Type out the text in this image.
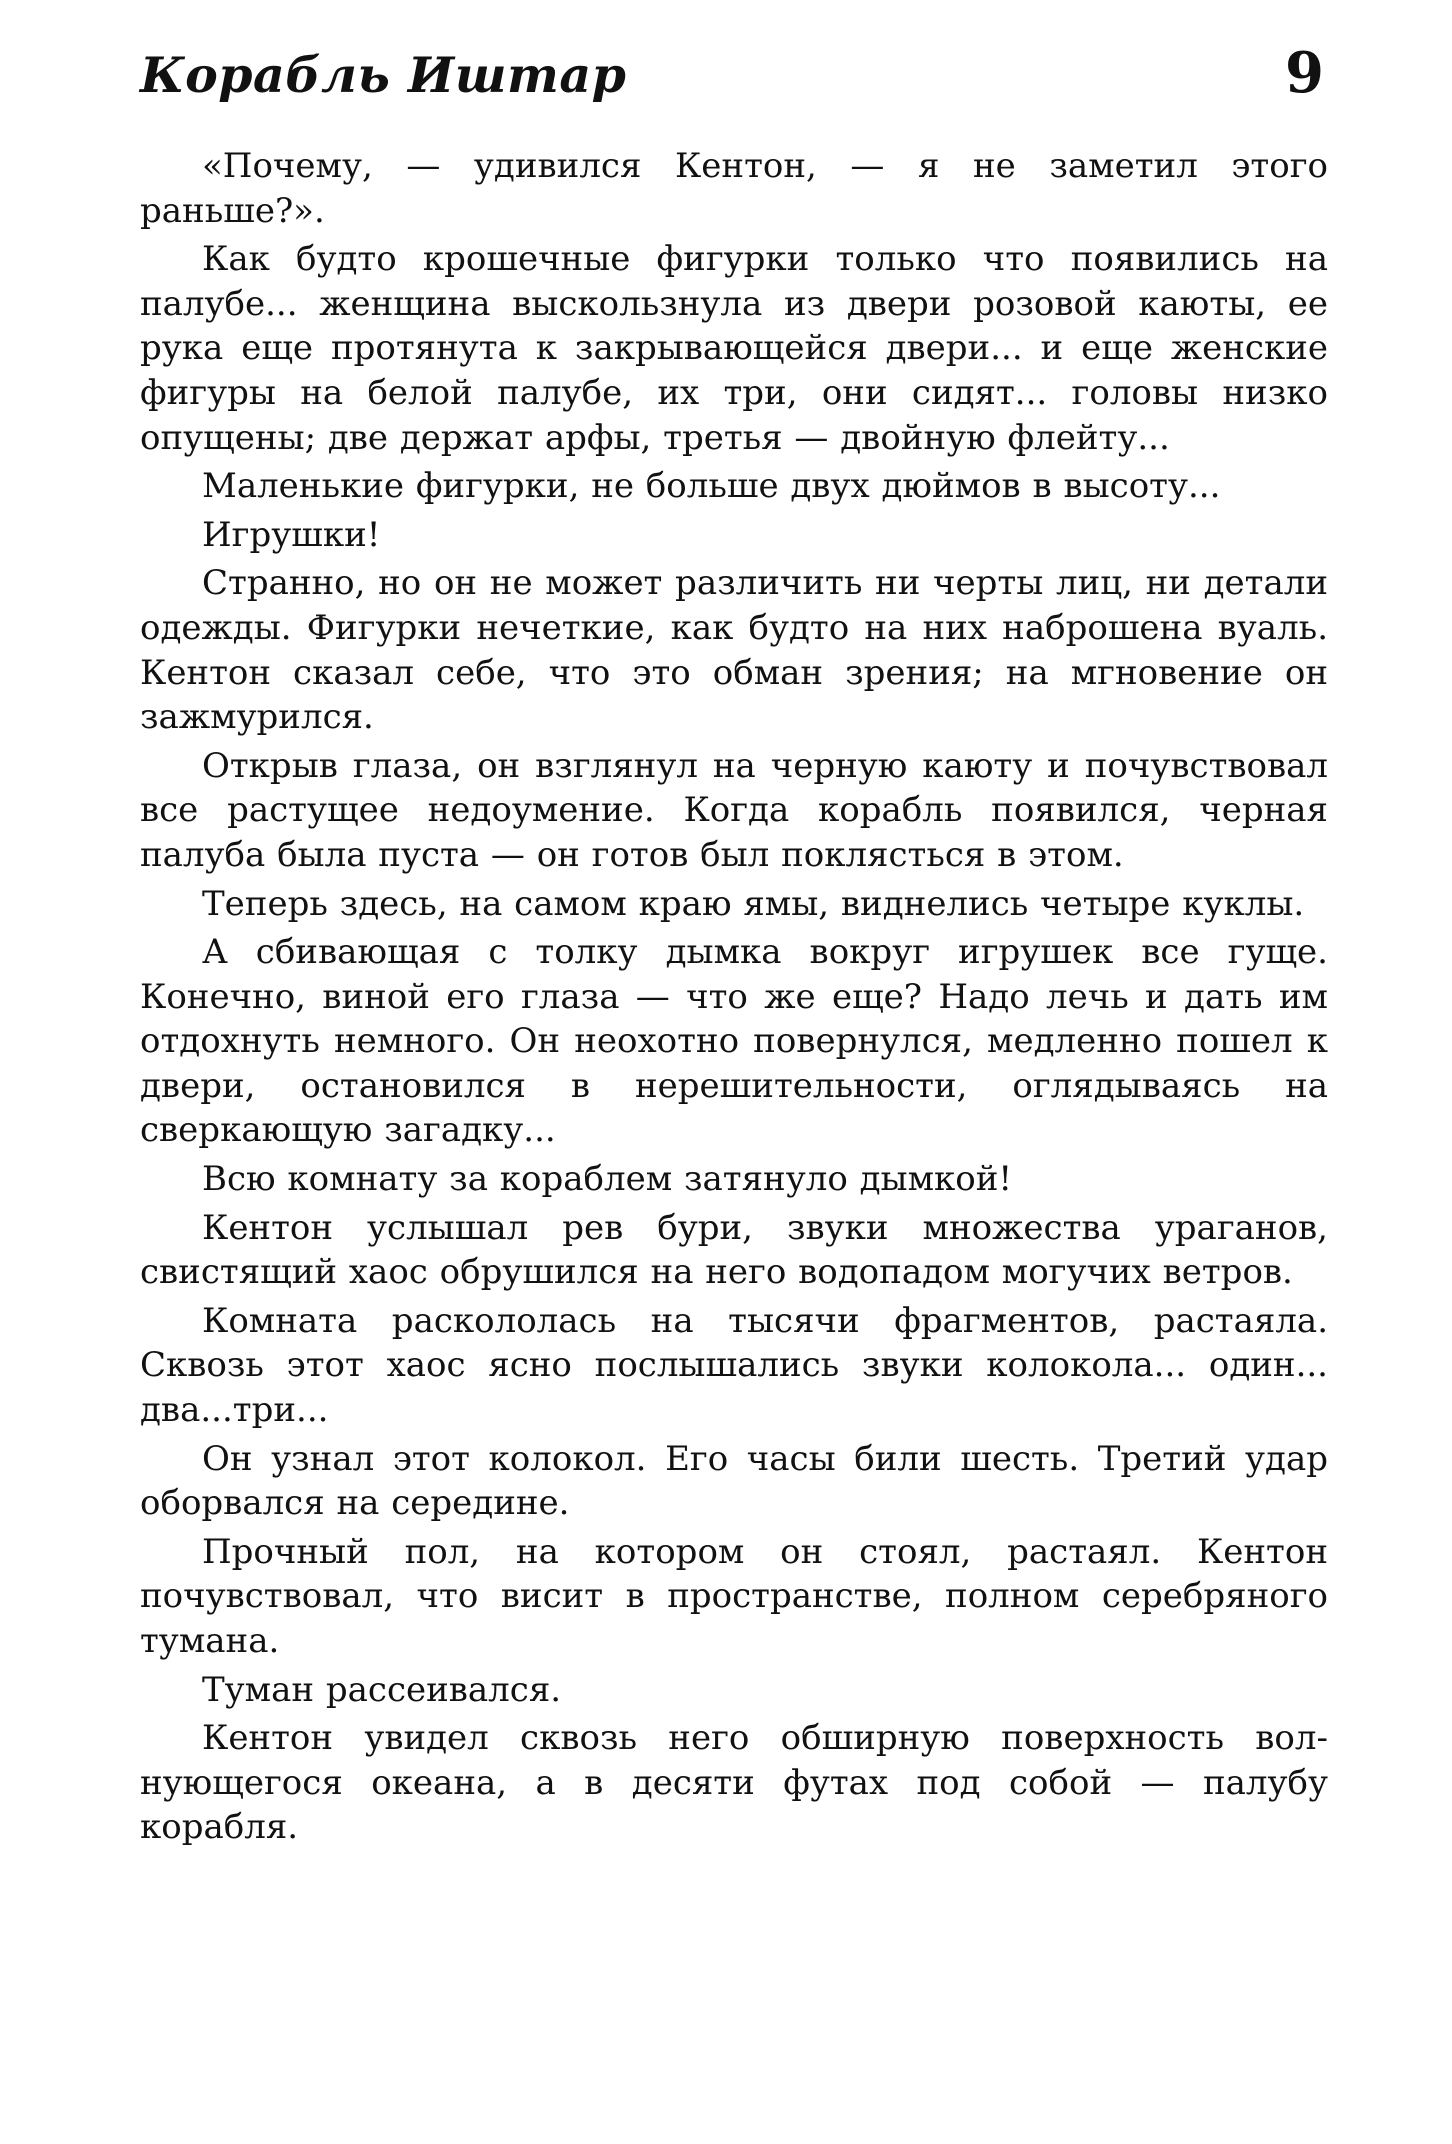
Корабль Иштар	9

«Почему, — удивился Кентон, — я не заметил этого раньше?».

Как будто крошечные фигурки только что появились на палубе... женщина выскользнула из двери розовой каюты, ее рука еще протянута к закрывающейся двери... и еще женские фигуры на белой палубе, их три, они сидят... головы низко опущены; две держат арфы, третья — двойную флейту...

Маленькие фигурки, не больше двух дюймов в высоту...

Игрушки!

Странно, но он не может различить ни черты лиц, ни детали одежды. Фигурки нечеткие, как будто на них наброшена вуаль. Кентон сказал себе, что это обман зрения; на мгновение он зажмурился.

Открыв глаза, он взглянул на черную каюту и почувствовал все растущее недоумение. Когда корабль появился, черная палуба была пуста — он готов был поклясться в этом.

Теперь здесь, на самом краю ямы, виднелись четыре куклы.

А сбивающая с толку дымка вокруг игрушек все гуще. Конечно, виной его глаза — что же еще? Надо лечь и дать им отдохнуть немного. Он неохотно повернулся, медленно пошел к двери, остановился в нерешительности, оглядываясь на сверкающую загадку...

Всю комнату за кораблем затянуло дымкой!

Кентон услышал рев бури, звуки множества ураганов, свистящий хаос обрушился на него водопадом могучих ветров.

Комната раскололась на тысячи фрагментов, растаяла. Сквозь этот хаос ясно послышались звуки колокола... один... два...три...

Он узнал этот колокол. Его часы били шесть. Третий удар оборвался на середине.

Прочный пол, на котором он стоял, растаял. Кентон почувствовал, что висит в пространстве, полном серебряного тумана.

Туман рассеивался.

Кентон увидел сквозь него обширную поверхность волнующегося океана, а в десяти футах под собой — палубу корабля.
